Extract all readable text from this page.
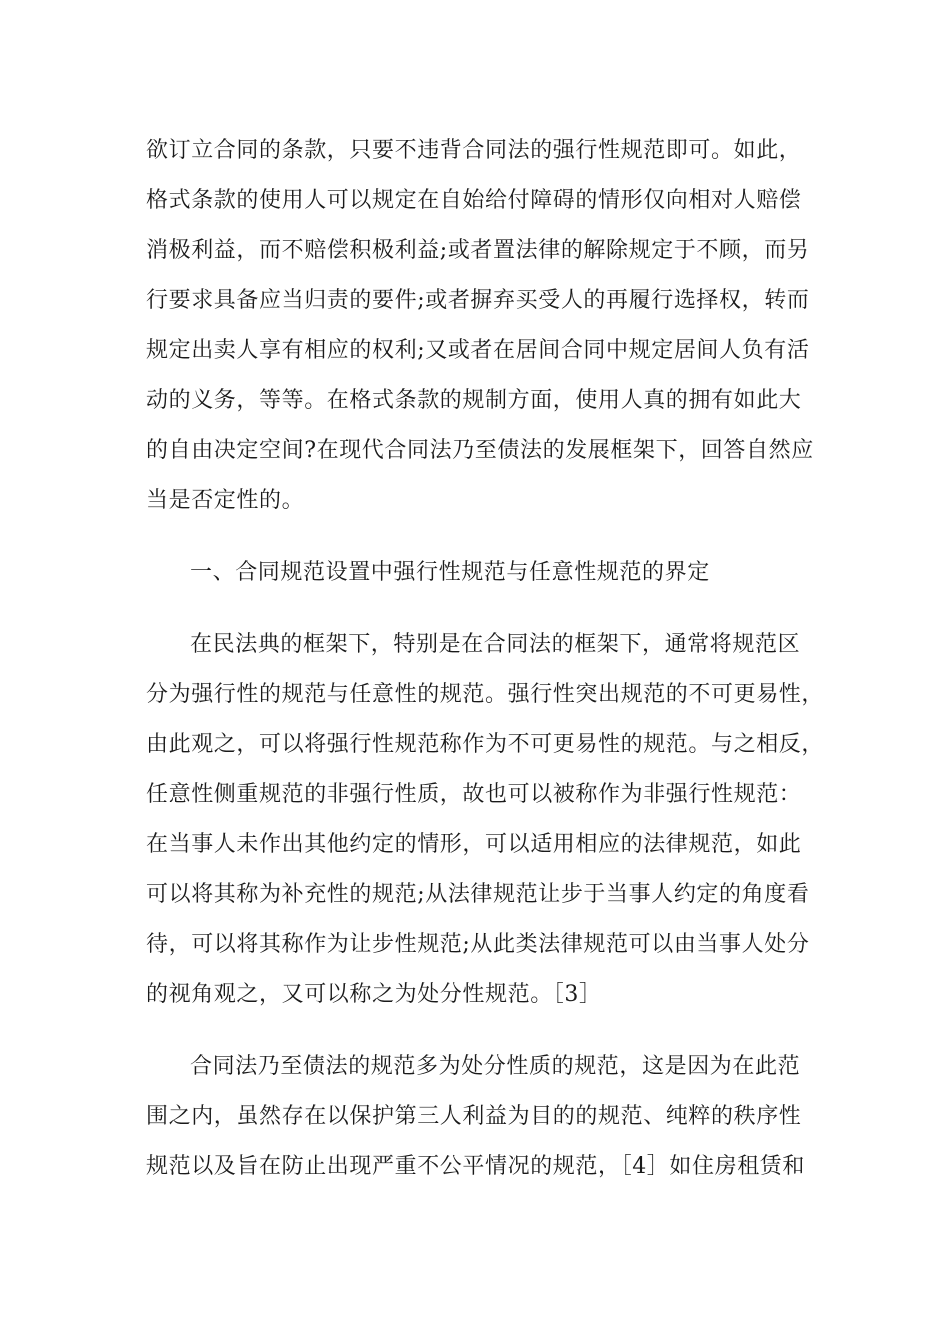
欲订立合同的条款，只要不违背合同法的强行性规范即可。如此，
格式条款的使用人可以规定在自始给付障碍的情形仅向相对人赔偿
消极利益，而不赔偿积极利益;或者置法律的解除规定于不顾，而另
行要求具备应当归责的要件;或者摒弃买受人的再履行选择权，转而
规定出卖人享有相应的权利;又或者在居间合同中规定居间人负有活
动的义务，等等。在格式条款的规制方面，使用人真的拥有如此大
的自由决定空间?在现代合同法乃至债法的发展框架下，回答自然应
当是否定性的。
一、合同规范设置中强行性规范与任意性规范的界定
在民法典的框架下，特别是在合同法的框架下，通常将规范区
分为强行性的规范与任意性的规范。强行性突出规范的不可更易性，
由此观之，可以将强行性规范称作为不可更易性的规范。与之相反，
任意性侧重规范的非强行性质，故也可以被称作为非强行性规范：
在当事人未作出其他约定的情形，可以适用相应的法律规范，如此
可以将其称为补充性的规范;从法律规范让步于当事人约定的角度看
待，可以将其称作为让步性规范;从此类法律规范可以由当事人处分
的视角观之，又可以称之为处分性规范。［3］
合同法乃至债法的规范多为处分性质的规范，这是因为在此范
围之内，虽然存在以保护第三人利益为目的的规范、纯粹的秩序性
规范以及旨在防止出现严重不公平情况的规范，［4］如住房租赁和
